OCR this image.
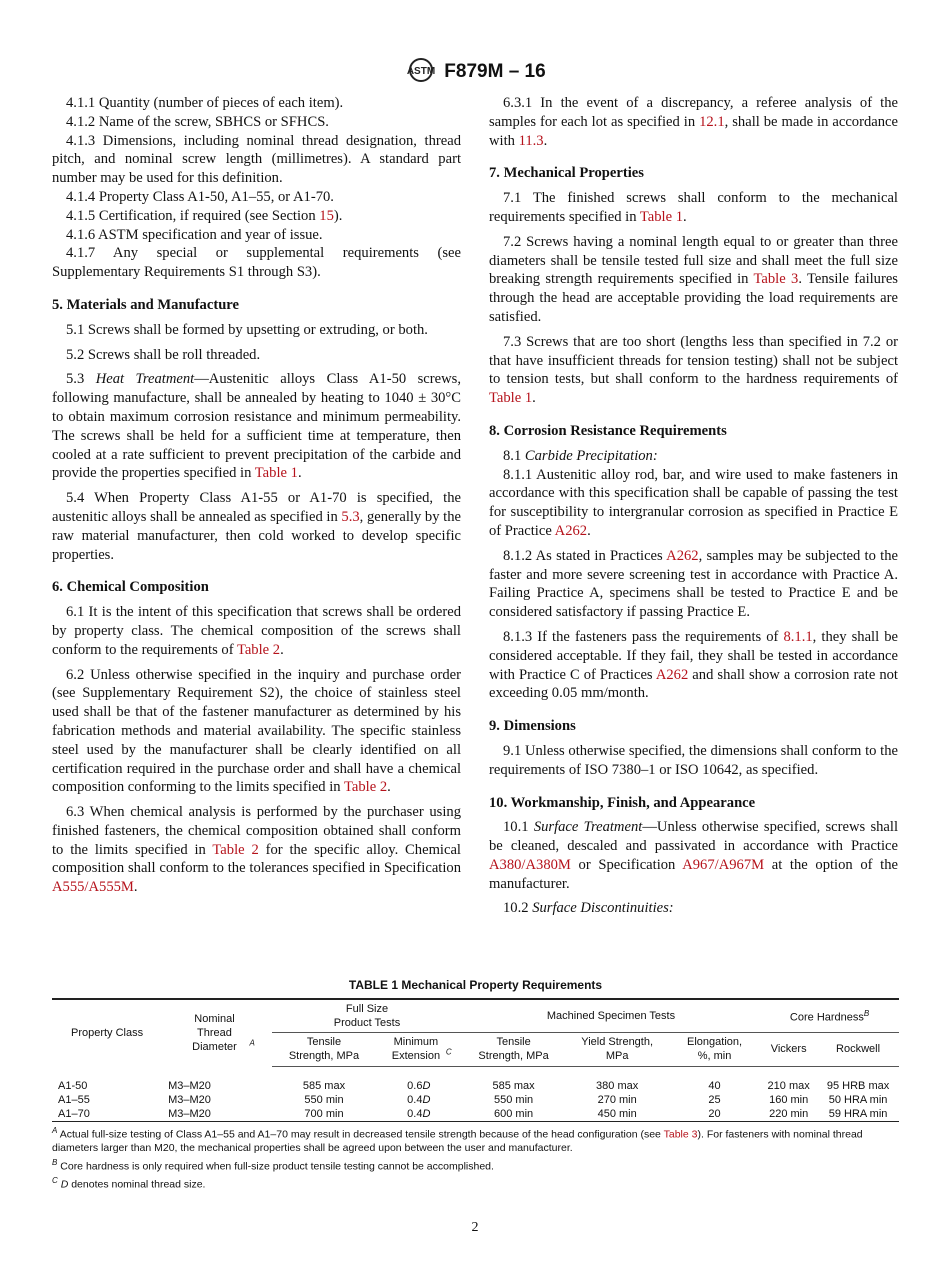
ASTM F879M – 16
4.1.1 Quantity (number of pieces of each item).
4.1.2 Name of the screw, SBHCS or SFHCS.
4.1.3 Dimensions, including nominal thread designation, thread pitch, and nominal screw length (millimetres). A standard part number may be used for this definition.
4.1.4 Property Class A1-50, A1–55, or A1-70.
4.1.5 Certification, if required (see Section 15).
4.1.6 ASTM specification and year of issue.
4.1.7 Any special or supplemental requirements (see Supplementary Requirements S1 through S3).
5. Materials and Manufacture
5.1 Screws shall be formed by upsetting or extruding, or both.
5.2 Screws shall be roll threaded.
5.3 Heat Treatment—Austenitic alloys Class A1-50 screws, following manufacture, shall be annealed by heating to 1040 ± 30°C to obtain maximum corrosion resistance and minimum permeability. The screws shall be held for a sufficient time at temperature, then cooled at a rate sufficient to prevent precipitation of the carbide and provide the properties specified in Table 1.
5.4 When Property Class A1-55 or A1-70 is specified, the austenitic alloys shall be annealed as specified in 5.3, generally by the raw material manufacturer, then cold worked to develop specific properties.
6. Chemical Composition
6.1 It is the intent of this specification that screws shall be ordered by property class. The chemical composition of the screws shall conform to the requirements of Table 2.
6.2 Unless otherwise specified in the inquiry and purchase order (see Supplementary Requirement S2), the choice of stainless steel used shall be that of the fastener manufacturer as determined by his fabrication methods and material availability. The specific stainless steel used by the manufacturer shall be clearly identified on all certification required in the purchase order and shall have a chemical composition conforming to the limits specified in Table 2.
6.3 When chemical analysis is performed by the purchaser using finished fasteners, the chemical composition obtained shall conform to the limits specified in Table 2 for the specific alloy. Chemical composition shall conform to the tolerances specified in Specification A555/A555M.
6.3.1 In the event of a discrepancy, a referee analysis of the samples for each lot as specified in 12.1, shall be made in accordance with 11.3.
7. Mechanical Properties
7.1 The finished screws shall conform to the mechanical requirements specified in Table 1.
7.2 Screws having a nominal length equal to or greater than three diameters shall be tensile tested full size and shall meet the full size breaking strength requirements specified in Table 3. Tensile failures through the head are acceptable providing the load requirements are satisfied.
7.3 Screws that are too short (lengths less than specified in 7.2 or that have insufficient threads for tension testing) shall not be subject to tension tests, but shall conform to the hardness requirements of Table 1.
8. Corrosion Resistance Requirements
8.1 Carbide Precipitation:
8.1.1 Austenitic alloy rod, bar, and wire used to make fasteners in accordance with this specification shall be capable of passing the test for susceptibility to intergranular corrosion as specified in Practice E of Practice A262.
8.1.2 As stated in Practices A262, samples may be subjected to the faster and more severe screening test in accordance with Practice A. Failing Practice A, specimens shall be tested to Practice E and be considered satisfactory if passing Practice E.
8.1.3 If the fasteners pass the requirements of 8.1.1, they shall be considered acceptable. If they fail, they shall be tested in accordance with Practice C of Practices A262 and shall show a corrosion rate not exceeding 0.05 mm/month.
9. Dimensions
9.1 Unless otherwise specified, the dimensions shall conform to the requirements of ISO 7380–1 or ISO 10642, as specified.
10. Workmanship, Finish, and Appearance
10.1 Surface Treatment—Unless otherwise specified, screws shall be cleaned, descaled and passivated in accordance with Practice A380/A380M or Specification A967/A967M at the option of the manufacturer.
10.2 Surface Discontinuities:
TABLE 1 Mechanical Property Requirements
Property Class	Nominal Thread Diameter $^A$	Full Size Product Tests		Machined Specimen Tests			Core Hardness$^B$
		Tensile Strength, MPa	Minimum Extension $^C$	Tensile Strength, MPa	Yield Strength, MPa	Elongation, %, min	Vickers	Rockwell
A1-50	M3–M20	585 max	0.6D	585 max	380 max	40	210 max	95 HRB max
A1–55	M3–M20	550 min	0.4D	550 min	270 min	25	160 min	50 HRA min
A1–70	M3–M20	700 min	0.4D	600 min	450 min	20	220 min	59 HRA min
$^A$ Actual full-size testing of Class A1–55 and A1–70 may result in decreased tensile strength because of the head configuration (see Table 3). For fasteners with nominal thread diameters larger than M20, the mechanical properties shall be agreed upon between the user and manufacturer.
$^B$ Core hardness is only required when full-size product tensile testing cannot be accomplished.
$^C$ D denotes nominal thread size.
2
